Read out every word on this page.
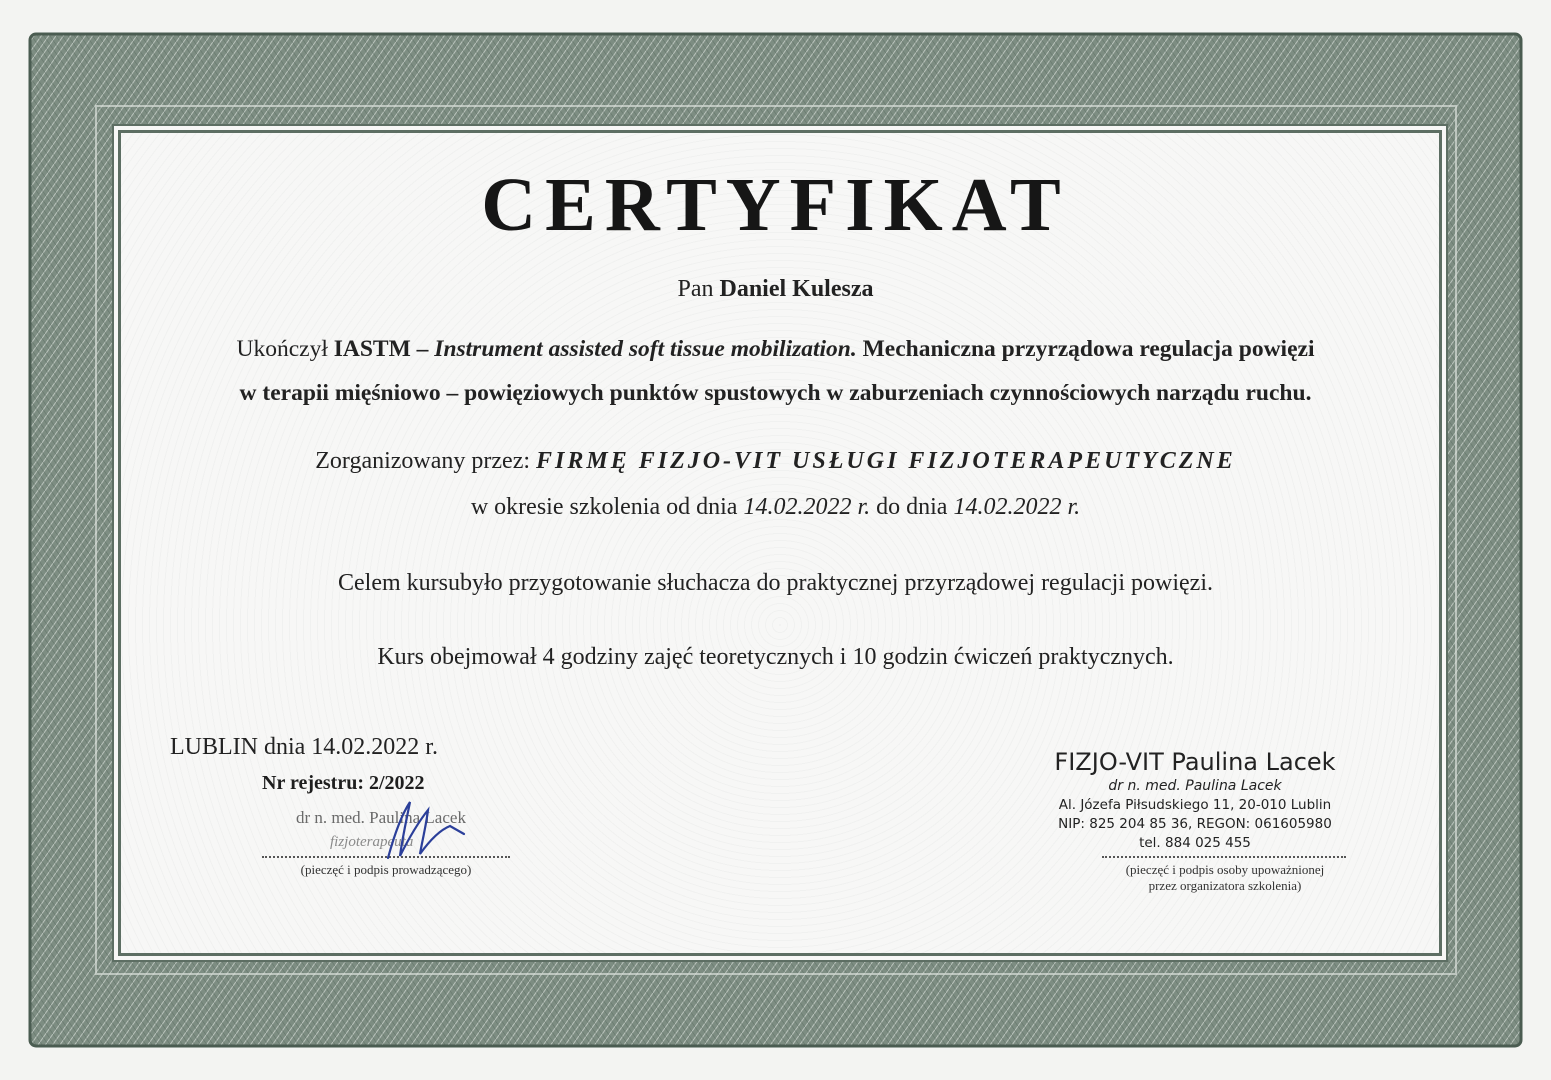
CERTYFIKAT
Pan Daniel Kulesza
Ukończył IASTM – Instrument assisted soft tissue mobilization. Mechaniczna przyrządowa regulacja powięzi
w terapii mięśniowo – powięziowych punktów spustowych w zaburzeniach czynnościowych narządu ruchu.
Zorganizowany przez: FIRMĘ FIZJO-VIT USŁUGI FIZJOTERAPEUTYCZNE
w okresie szkolenia od dnia 14.02.2022 r. do dnia 14.02.2022 r.
Celem kursubyło przygotowanie słuchacza do praktycznej przyrządowej regulacji powięzi.
Kurs obejmował 4 godziny zajęć teoretycznych i 10 godzin ćwiczeń praktycznych.
LUBLIN dnia 14.02.2022 r.
Nr rejestru: 2/2022
dr n. med. Paulina Lacek
fizjoterapeuta
(pieczęć i podpis prowadzącego)
FIZJO-VIT Paulina Lacek
dr n. med. Paulina Lacek
Al. Józefa Piłsudskiego 11, 20-010 Lublin
NIP: 825 204 85 36, REGON: 061605980
tel. 884 025 455
(pieczęć i podpis osoby upoważnionej
przez organizatora szkolenia)
